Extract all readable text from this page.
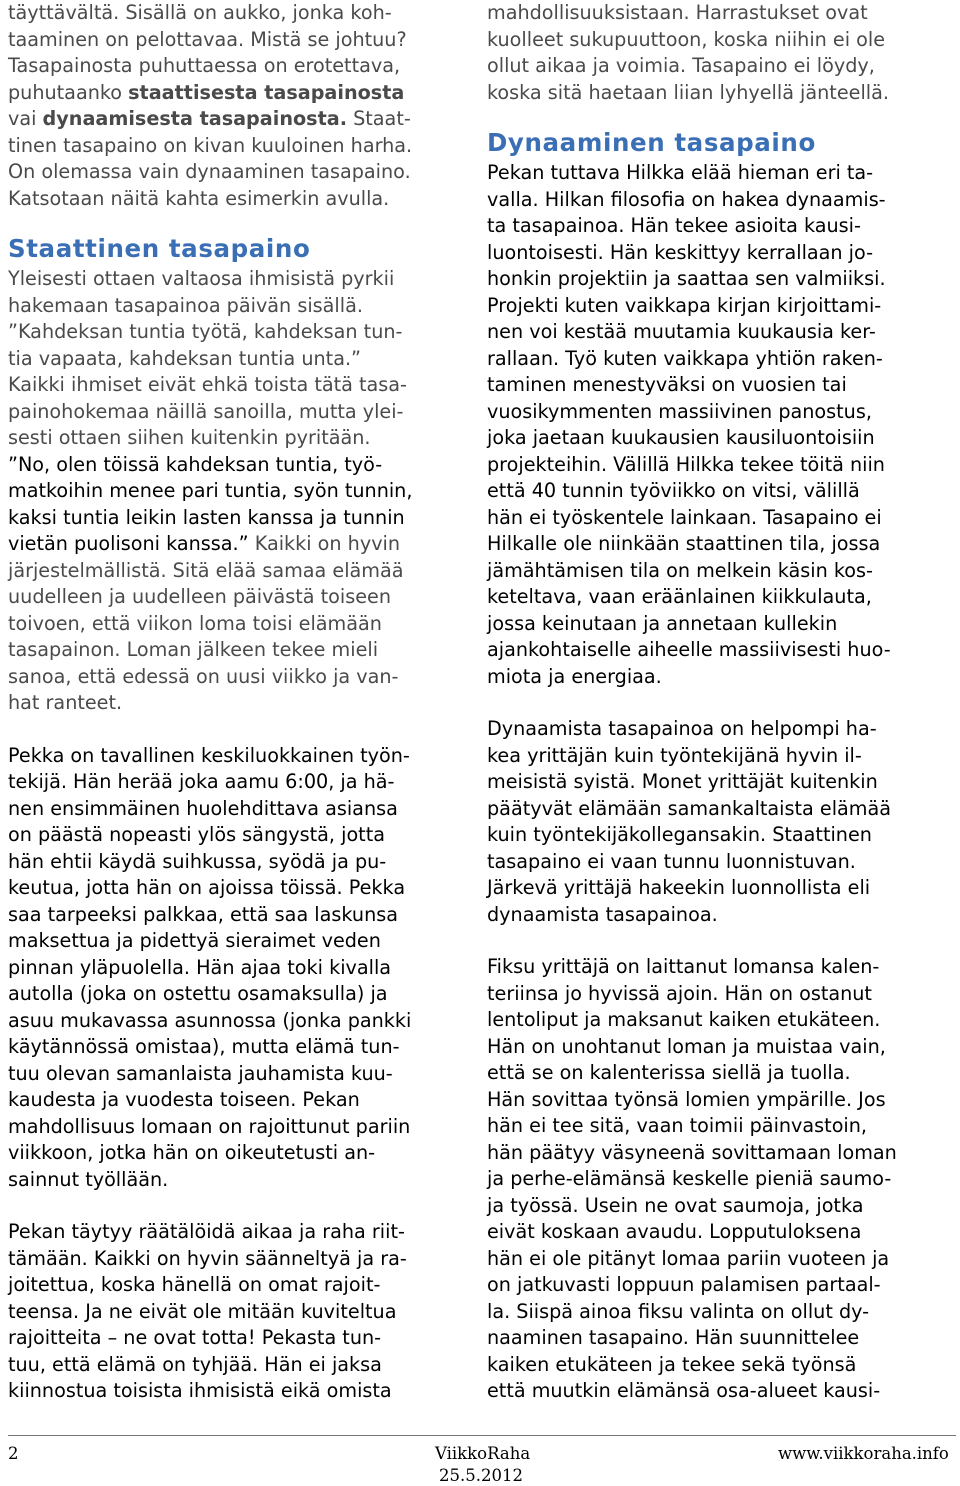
täyttävältä. Sisällä on aukko, jonka koh-
taaminen on pelottavaa. Mistä se johtuu?
Tasapainosta puhuttaessa on erotettava,
puhutaanko staattisesta tasapainosta
vai dynaamisesta tasapainosta. Staat-
tinen tasapaino on kivan kuuloinen harha.
On olemassa vain dynaaminen tasapaino.
Katsotaan näitä kahta esimerkin avulla.

Staattinen tasapaino

Yleisesti ottaen valtaosa ihmisistä pyrkii
hakemaan tasapainoa päivän sisällä.
”Kahdeksan tuntia työtä, kahdeksan tun-
tia vapaata, kahdeksan tuntia unta.”
Kaikki ihmiset eivät ehkä toista tätä tasa-
painohokemaa näillä sanoilla, mutta ylei-
sesti ottaen siihen kuitenkin pyritään.
”No, olen töissä kahdeksan tuntia, työ-
matkoihin menee pari tuntia, syön tunnin,
kaksi tuntia leikin lasten kanssa ja tunnin
vietän puolisoni kanssa.” Kaikki on hyvin
järjestelmällistä. Sitä elää samaa elämää
uudelleen ja uudelleen päivästä toiseen
toivoen, että viikon loma toisi elämään
tasapainon. Loman jälkeen tekee mieli
sanoa, että edessä on uusi viikko ja van-
hat ranteet.

Pekka on tavallinen keskiluokkainen työn-
tekijä. Hän herää joka aamu 6:00, ja hä-
nen ensimmäinen huolehdittava asiansa
on päästä nopeasti ylös sängystä, jotta
hän ehtii käydä suihkussa, syödä ja pu-
keutua, jotta hän on ajoissa töissä. Pekka
saa tarpeeksi palkkaa, että saa laskunsa
maksettua ja pidettyä sieraimet veden
pinnan yläpuolella. Hän ajaa toki kivalla
autolla (joka on ostettu osamaksulla) ja
asuu mukavassa asunnossa (jonka pankki
käytännössä omistaa), mutta elämä tun-
tuu olevan samanlaista jauhamista kuu-
kaudesta ja vuodesta toiseen. Pekan
mahdollisuus lomaan on rajoittunut pariin
viikkoon, jotka hän on oikeutetusti an-
sainnut työllään.

Pekan täytyy räätälöidä aikaa ja raha riit-
tämään. Kaikki on hyvin säänneltyä ja ra-
joitettua, koska hänellä on omat rajoit-
teensa. Ja ne eivät ole mitään kuviteltua
rajoitteita – ne ovat totta! Pekasta tun-
tuu, että elämä on tyhjää. Hän ei jaksa
kiinnostua toisista ihmisistä eikä omista

mahdollisuuksistaan. Harrastukset ovat
kuolleet sukupuuttoon, koska niihin ei ole
ollut aikaa ja voimia. Tasapaino ei löydy,
koska sitä haetaan liian lyhyellä jänteellä.

Dynaaminen tasapaino

Pekan tuttava Hilkka elää hieman eri ta-
valla. Hilkan filosofia on hakea dynaamis-
ta tasapainoa. Hän tekee asioita kausi-
luontoisesti. Hän keskittyy kerrallaan jo-
honkin projektiin ja saattaa sen valmiiksi.
Projekti kuten vaikkapa kirjan kirjoittami-
nen voi kestää muutamia kuukausia ker-
rallaan. Työ kuten vaikkapa yhtiön raken-
taminen menestyväksi on vuosien tai
vuosikymmenten massiivinen panostus,
joka jaetaan kuukausien kausiluontoisiin
projekteihin. Välillä Hilkka tekee töitä niin
että 40 tunnin työviikko on vitsi, välillä
hän ei työskentele lainkaan. Tasapaino ei
Hilkalle ole niinkään staattinen tila, jossa
jämähtämisen tila on melkein käsin kos-
keteltava, vaan eräänlainen kiikkulauta,
jossa keinutaan ja annetaan kullekin
ajankohtaiselle aiheelle massiivisesti huo-
miota ja energiaa.

Dynaamista tasapainoa on helpompi ha-
kea yrittäjän kuin työntekijänä hyvin il-
meisistä syistä. Monet yrittäjät kuitenkin
päätyvät elämään samankaltaista elämää
kuin työntekijäkollegansakin. Staattinen
tasapaino ei vaan tunnu luonnistuvan.
Järkevä yrittäjä hakeekin luonnollista eli
dynaamista tasapainoa.

Fiksu yrittäjä on laittanut lomansa kalen-
teriinsa jo hyvissä ajoin. Hän on ostanut
lentoliput ja maksanut kaiken etukäteen.
Hän on unohtanut loman ja muistaa vain,
että se on kalenterissa siellä ja tuolla.
Hän sovittaa työnsä lomien ympärille. Jos
hän ei tee sitä, vaan toimii päinvastoin,
hän päätyy väsyneenä sovittamaan loman
ja perhe-elämänsä keskelle pieniä saumo-
ja työssä. Usein ne ovat saumoja, jotka
eivät koskaan avaudu. Lopputuloksena
hän ei ole pitänyt lomaa pariin vuoteen ja
on jatkuvasti loppuun palamisen partaal-
la. Siispä ainoa fiksu valinta on ollut dy-
naaminen tasapaino. Hän suunnittelee
kaiken etukäteen ja tekee sekä työnsä
että muutkin elämänsä osa-alueet kausi-

2	ViikkoRaha
25.5.2012
www.viikkoraha.info
